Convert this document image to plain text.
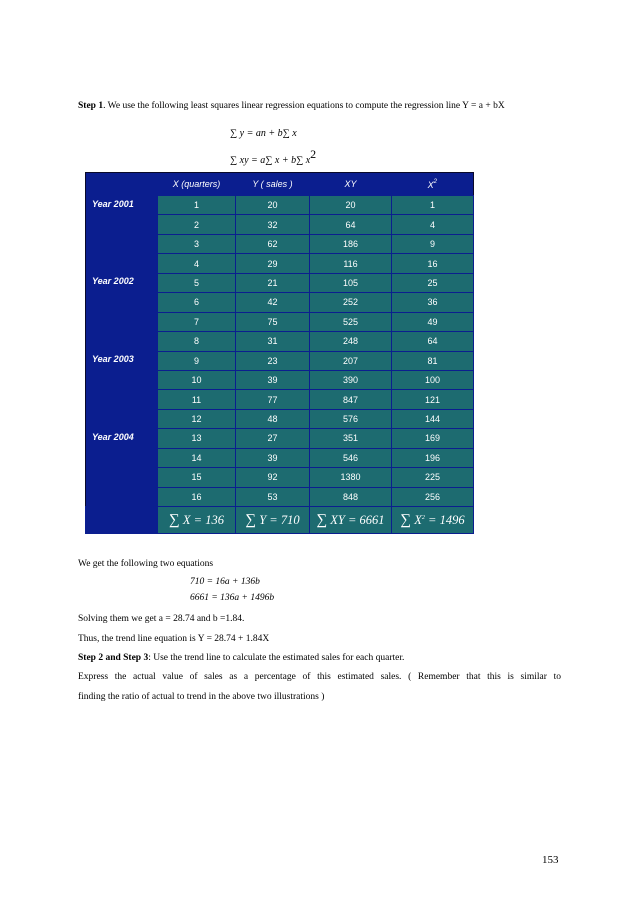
Step 1. We use the following least squares linear regression equations to compute the regression line Y = a + bX
∑ y = an + b∑ x
∑ xy = a∑ x + b∑ $x^2$
	X (quarters)	Y ( sales )	XY	$X^2$
Year 2001	1	20	20	1
	2	32	64	4
	3	62	186	9
	4	29	116	16
Year 2002	5	21	105	25
	6	42	252	36
	7	75	525	49
	8	31	248	64
Year 2003	9	23	207	81
	10	39	390	100
	11	77	847	121
	12	48	576	144
Year 2004	13	27	351	169
	14	39	546	196
	15	92	1380	225
	16	53	848	256
	∑ X = 136	∑ Y = 710	∑ XY = 6661	∑ $X^2 = 1496$
We get the following two equations
710 = 16a + 136b
6661 = 136a + 1496b
Solving them we get a = 28.74 and b =1.84.
Thus, the trend line equation is Y = 28.74 + 1.84X
Step 2 and Step 3: Use the trend line to calculate the estimated sales for each quarter.
Express the actual value of sales as a percentage of this estimated sales. ( Remember that this is similar to
finding the ratio of actual to trend in the above two illustrations )
153
